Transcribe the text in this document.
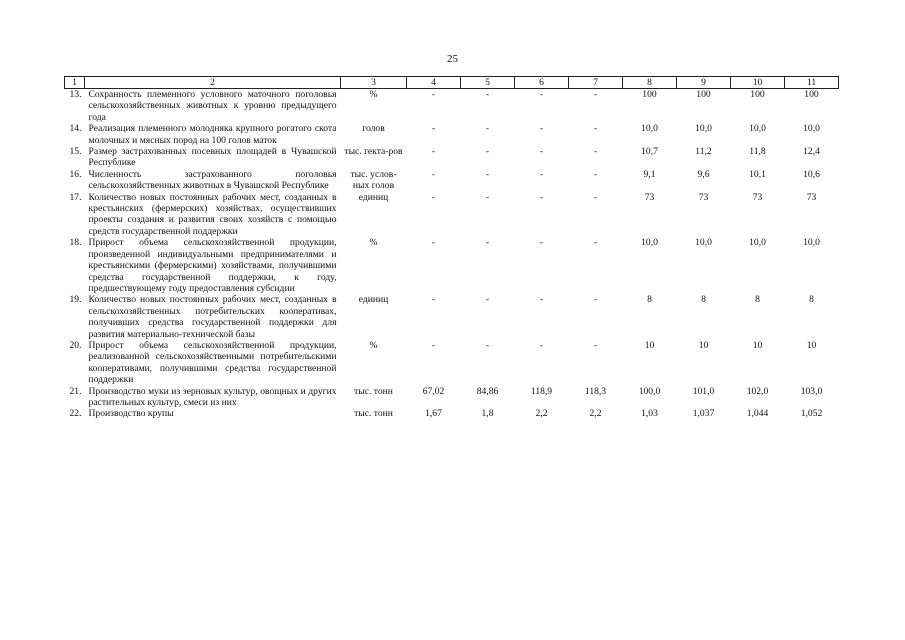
25
1	2	3	4	5	6	7	8	9	10	11
13.	Сохранность племенного условного маточного поголовья сельскохозяйственных животных к уровню предыдущего года	%	-	-	-	-	100	100	100	100
14.	Реализация племенного молодняка крупного рогатого скота молочных и мясных пород на 100 голов маток	голов	-	-	-	-	10,0	10,0	10,0	10,0
15.	Размер застрахованных посевных площадей в Чувашской Республике	тыс. гекта-ров	-	-	-	-	10,7	11,2	11,8	12,4
16.	Численность застрахованного поголовья сельскохозяйственных животных в Чувашской Республике	тыс. услов-ных голов	-	-	-	-	9,1	9,6	10,1	10,6
17.	Количество новых постоянных рабочих мест, созданных в крестьянских (фермерских) хозяйствах, осуществивших проекты создания и развития своих хозяйств с помощью средств государственной поддержки	единиц	-	-	-	-	73	73	73	73
18.	Прирост объема сельскохозяйственной продукции, произведенной индивидуальными предпринимателями и крестьянскими (фермерскими) хозяйствами, получившими средства государственной поддержки, к году, предшествующему году предоставления субсидии	%	-	-	-	-	10,0	10,0	10,0	10,0
19.	Количество новых постоянных рабочих мест, созданных в сельскохозяйственных потребительских кооперативах, получивших средства государственной поддержки для развития материально-технической базы	единиц	-	-	-	-	8	8	8	8
20.	Прирост объема сельскохозяйственной продукции, реализованной сельскохозяйственными потребительскими кооперативами, получившими средства государственной поддержки	%	-	-	-	-	10	10	10	10
21.	Производство муки из зерновых культур, овощных и других растительных культур, смеси из них	тыс. тонн	67,02	84,86	118,9	118,3	100,0	101,0	102,0	103,0
22.	Производство крупы	тыс. тонн	1,67	1,8	2,2	2,2	1,03	1,037	1,044	1,052
